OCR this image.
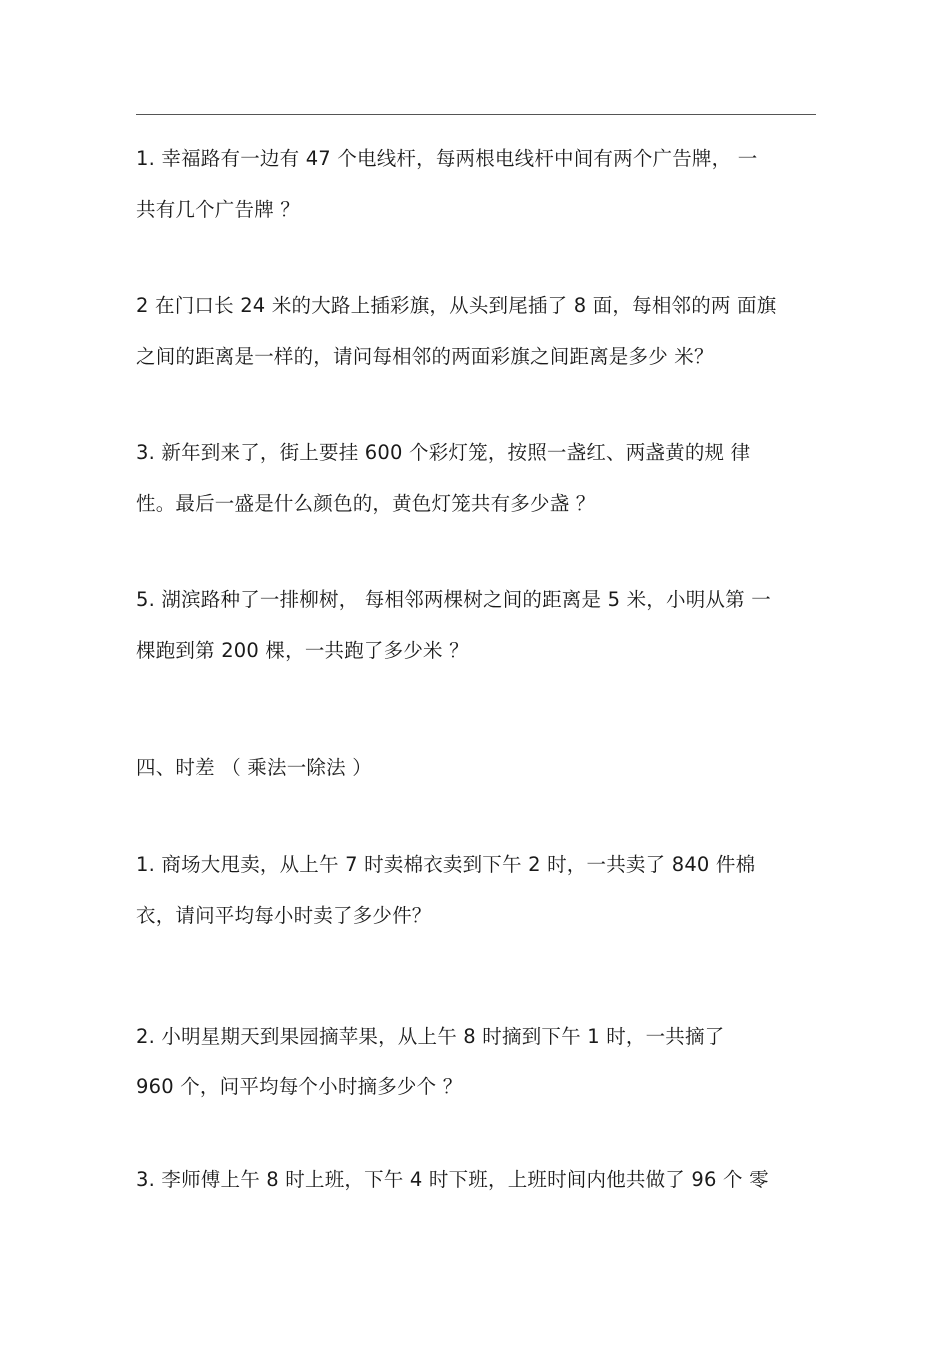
1. 幸福路有一边有 47 个电线杆，每两根电线杆中间有两个广告牌， 一
共有几个广告牌 ？
2 在门口长 24 米的大路上插彩旗，从头到尾插了 8 面，每相邻的两 面旗
之间的距离是一样的，请问每相邻的两面彩旗之间距离是多少 米？
3. 新年到来了，街上要挂 600 个彩灯笼，按照一盏红、两盏黄的规 律
性。最后一盛是什么颜色的，黄色灯笼共有多少盏 ？
5. 湖滨路种了一排柳树， 每相邻两棵树之间的距离是 5 米，小明从第 一
棵跑到第 200 棵，一共跑了多少米 ？
四、时差 （ 乘法一除法 ）
1. 商场大甩卖，从上午 7 时卖棉衣卖到下午 2 时，一共卖了 840 件棉
衣，请问平均每小时卖了多少件？
2. 小明星期天到果园摘苹果，从上午 8 时摘到下午 1 时，一共摘了
960 个，问平均每个小时摘多少个 ？
3. 李师傅上午 8 时上班，下午 4 时下班，上班时间内他共做了 96 个 零
